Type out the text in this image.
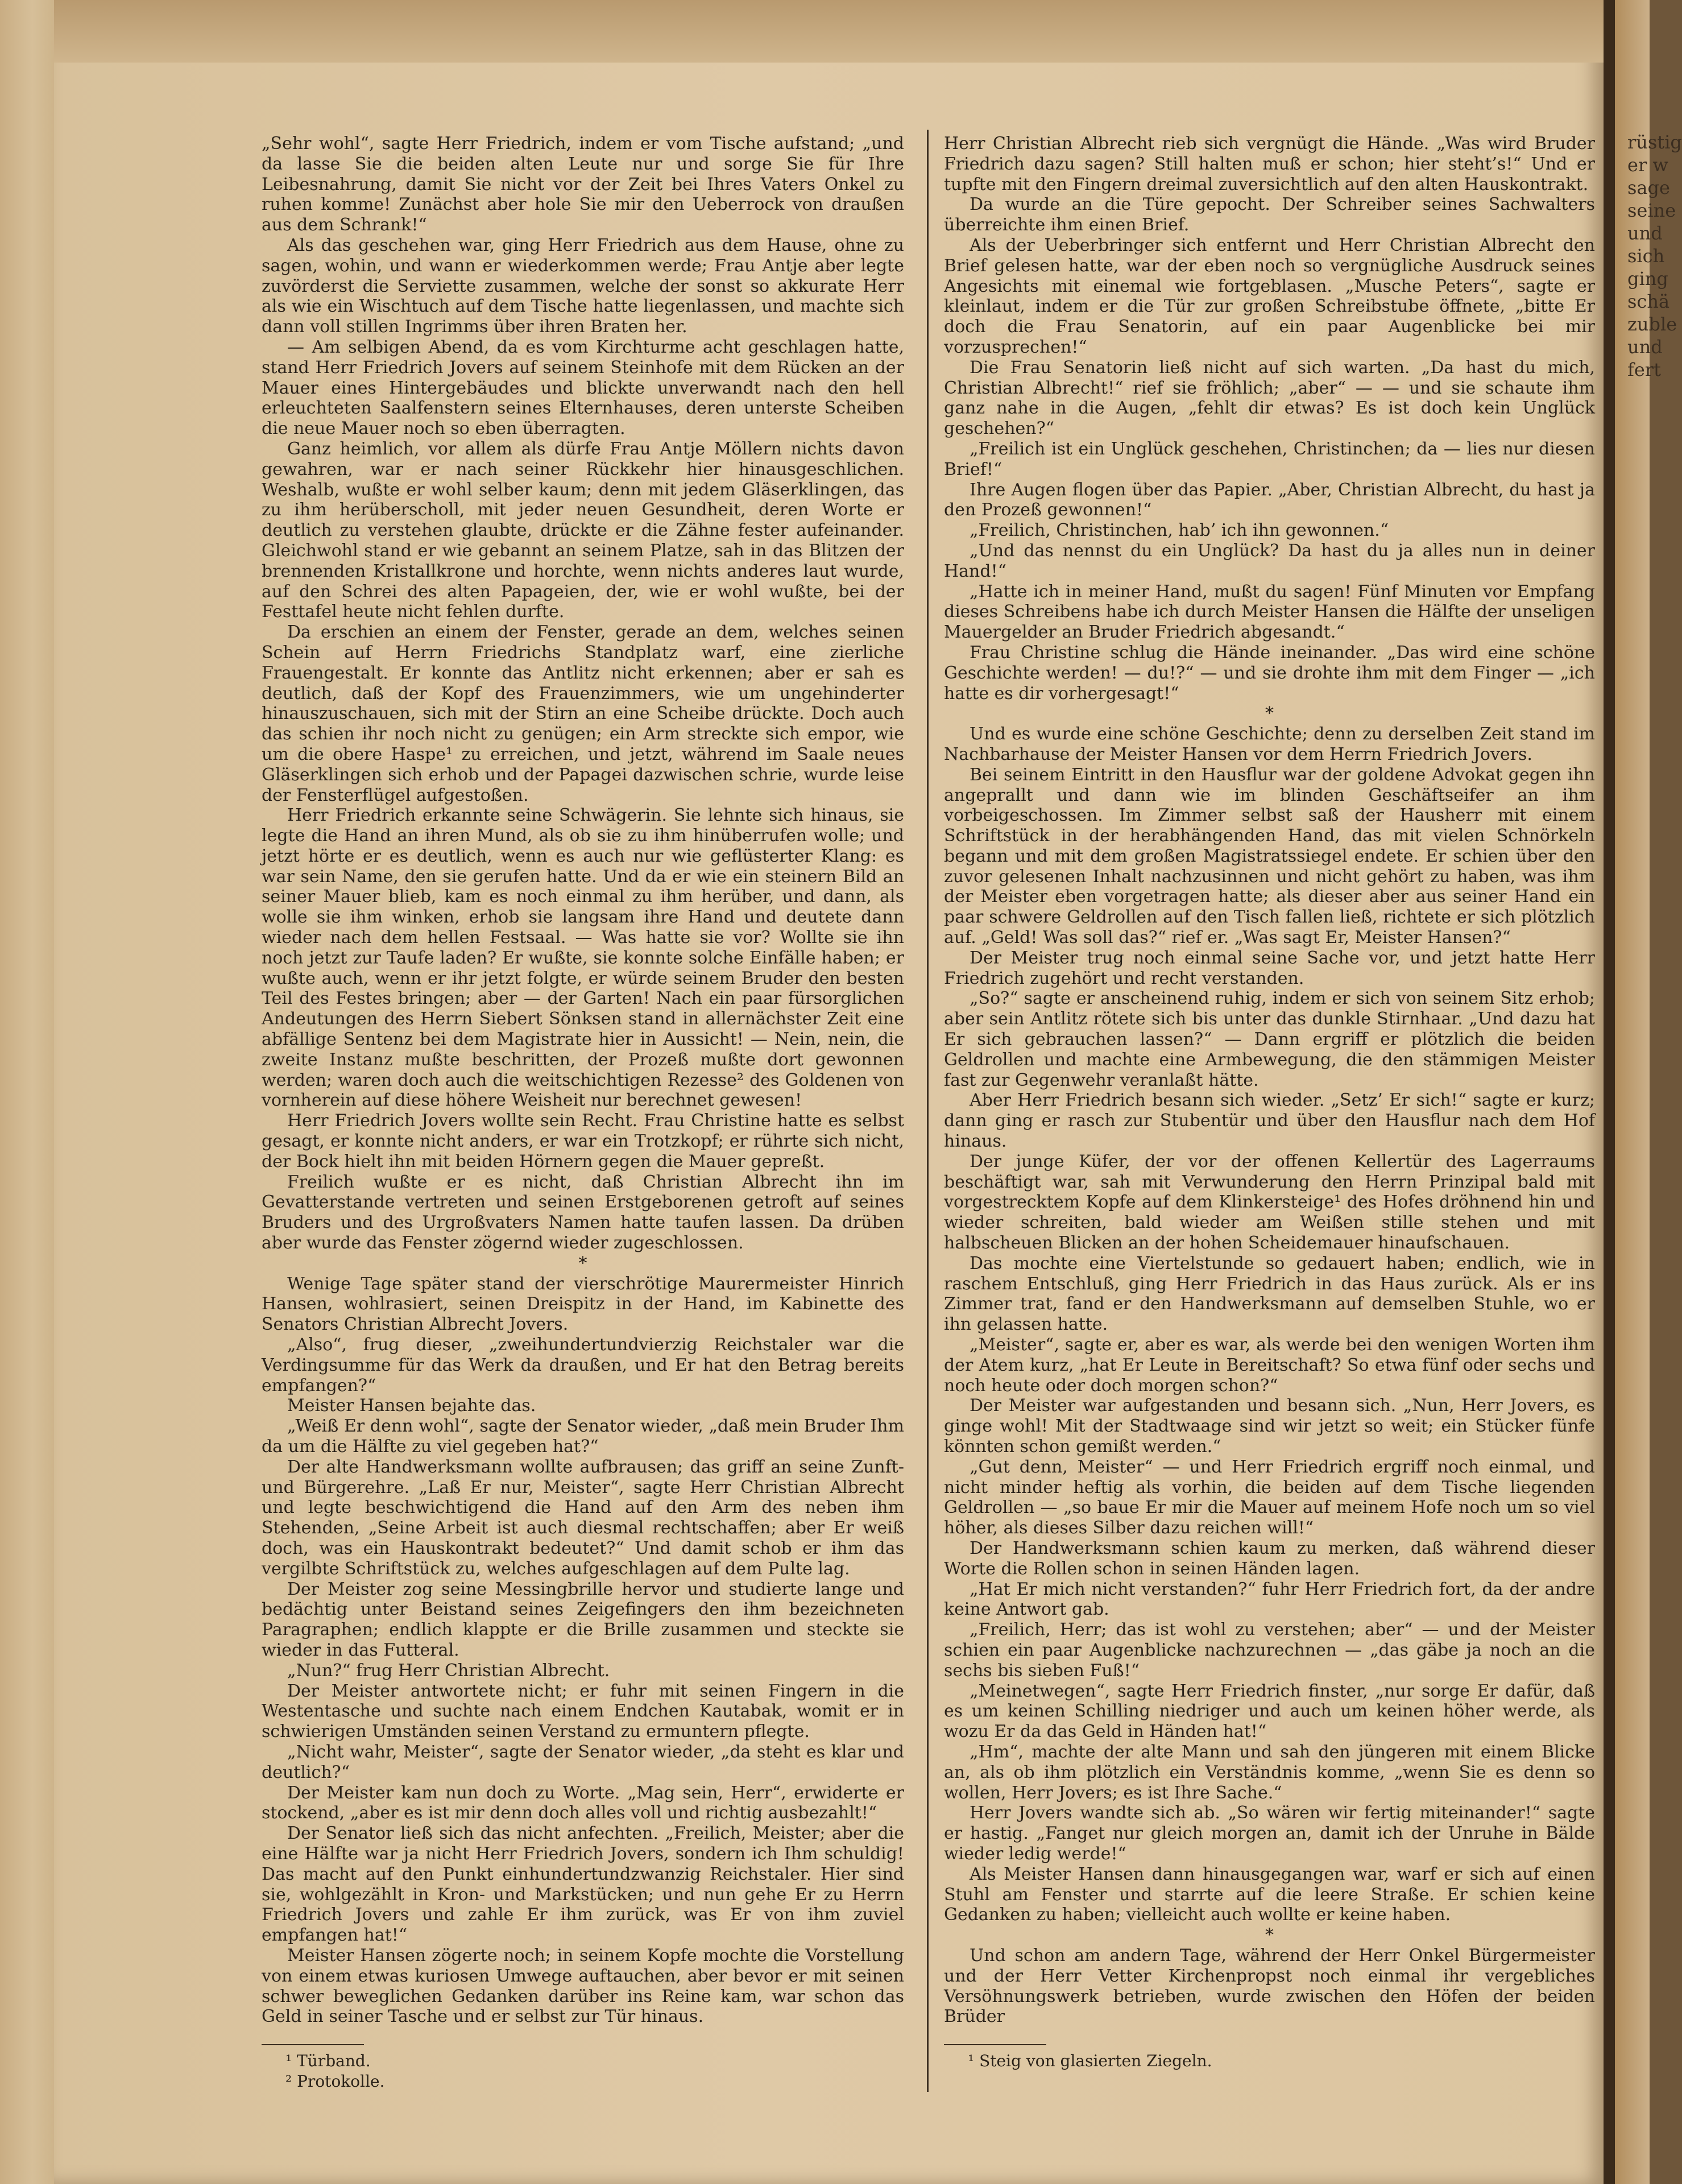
rüstig
er w
sage
seine
und
sich
ging
schä
zuble
und
fert

„Sehr wohl“, sagte Herr Friedrich, indem er vom Tische aufstand; „und da lasse Sie die beiden alten Leute nur und sorge Sie für Ihre Leibesnahrung, damit Sie nicht vor der Zeit bei Ihres Vaters Onkel zu ruhen komme! Zunächst aber hole Sie mir den Ueberrock von draußen aus dem Schrank!“

Als das geschehen war, ging Herr Friedrich aus dem Hause, ohne zu sagen, wohin, und wann er wiederkommen werde; Frau Antje aber legte zuvörderst die Serviette zusammen, welche der sonst so akkurate Herr als wie ein Wischtuch auf dem Tische hatte liegenlassen, und machte sich dann voll stillen Ingrimms über ihren Braten her.

— Am selbigen Abend, da es vom Kirchturme acht geschlagen hatte, stand Herr Friedrich Jovers auf seinem Steinhofe mit dem Rücken an der Mauer eines Hintergebäudes und blickte unverwandt nach den hell erleuchteten Saalfenstern seines Elternhauses, deren unterste Scheiben die neue Mauer noch so eben überragten.

Ganz heimlich, vor allem als dürfe Frau Antje Möllern nichts davon gewahren, war er nach seiner Rückkehr hier hinausgeschlichen. Weshalb, wußte er wohl selber kaum; denn mit jedem Gläserklingen, das zu ihm herüberscholl, mit jeder neuen Gesundheit, deren Worte er deutlich zu verstehen glaubte, drückte er die Zähne fester aufeinander. Gleichwohl stand er wie gebannt an seinem Platze, sah in das Blitzen der brennenden Kristallkrone und horchte, wenn nichts anderes laut wurde, auf den Schrei des alten Papageien, der, wie er wohl wußte, bei der Festtafel heute nicht fehlen durfte.

Da erschien an einem der Fenster, gerade an dem, welches seinen Schein auf Herrn Friedrichs Standplatz warf, eine zierliche Frauengestalt. Er konnte das Antlitz nicht erkennen; aber er sah es deutlich, daß der Kopf des Frauenzimmers, wie um ungehinderter hinauszuschauen, sich mit der Stirn an eine Scheibe drückte. Doch auch das schien ihr noch nicht zu genügen; ein Arm streckte sich empor, wie um die obere Haspe¹ zu erreichen, und jetzt, während im Saale neues Gläserklingen sich erhob und der Papagei dazwischen schrie, wurde leise der Fensterflügel aufgestoßen.

Herr Friedrich erkannte seine Schwägerin. Sie lehnte sich hinaus, sie legte die Hand an ihren Mund, als ob sie zu ihm hinüberrufen wolle; und jetzt hörte er es deutlich, wenn es auch nur wie geflüsterter Klang: es war sein Name, den sie gerufen hatte. Und da er wie ein steinern Bild an seiner Mauer blieb, kam es noch einmal zu ihm herüber, und dann, als wolle sie ihm winken, erhob sie langsam ihre Hand und deutete dann wieder nach dem hellen Festsaal. — Was hatte sie vor? Wollte sie ihn noch jetzt zur Taufe laden? Er wußte, sie konnte solche Einfälle haben; er wußte auch, wenn er ihr jetzt folgte, er würde seinem Bruder den besten Teil des Festes bringen; aber — der Garten! Nach ein paar fürsorglichen Andeutungen des Herrn Siebert Sönksen stand in allernächster Zeit eine abfällige Sentenz bei dem Magistrate hier in Aussicht! — Nein, nein, die zweite Instanz mußte beschritten, der Prozeß mußte dort gewonnen werden; waren doch auch die weitschichtigen Rezesse² des Goldenen von vornherein auf diese höhere Weisheit nur berechnet gewesen!

Herr Friedrich Jovers wollte sein Recht. Frau Christine hatte es selbst gesagt, er konnte nicht anders, er war ein Trotzkopf; er rührte sich nicht, der Bock hielt ihn mit beiden Hörnern gegen die Mauer gepreßt.

Freilich wußte er es nicht, daß Christian Albrecht ihn im Gevatterstande vertreten und seinen Erstgeborenen getroft auf seines Bruders und des Urgroßvaters Namen hatte taufen lassen. Da drüben aber wurde das Fenster zögernd wieder zugeschlossen.

*

Wenige Tage später stand der vierschrötige Maurermeister Hinrich Hansen, wohlrasiert, seinen Dreispitz in der Hand, im Kabinette des Senators Christian Albrecht Jovers.

„Also“, frug dieser, „zweihundertundvierzig Reichstaler war die Verdingsumme für das Werk da draußen, und Er hat den Betrag bereits empfangen?“

Meister Hansen bejahte das.

„Weiß Er denn wohl“, sagte der Senator wieder, „daß mein Bruder Ihm da um die Hälfte zu viel gegeben hat?“

Der alte Handwerksmann wollte aufbrausen; das griff an seine Zunft- und Bürgerehre. „Laß Er nur, Meister“, sagte Herr Christian Albrecht und legte beschwichtigend die Hand auf den Arm des neben ihm Stehenden, „Seine Arbeit ist auch diesmal rechtschaffen; aber Er weiß doch, was ein Hauskontrakt bedeutet?“ Und damit schob er ihm das vergilbte Schriftstück zu, welches aufgeschlagen auf dem Pulte lag.

Der Meister zog seine Messingbrille hervor und studierte lange und bedächtig unter Beistand seines Zeigefingers den ihm bezeichneten Paragraphen; endlich klappte er die Brille zusammen und steckte sie wieder in das Futteral.

„Nun?“ frug Herr Christian Albrecht.

Der Meister antwortete nicht; er fuhr mit seinen Fingern in die Westentasche und suchte nach einem Endchen Kautabak, womit er in schwierigen Umständen seinen Verstand zu ermuntern pflegte.

„Nicht wahr, Meister“, sagte der Senator wieder, „da steht es klar und deutlich?“

Der Meister kam nun doch zu Worte. „Mag sein, Herr“, erwiderte er stockend, „aber es ist mir denn doch alles voll und richtig ausbezahlt!“

Der Senator ließ sich das nicht anfechten. „Freilich, Meister; aber die eine Hälfte war ja nicht Herr Friedrich Jovers, sondern ich Ihm schuldig! Das macht auf den Punkt einhundertundzwanzig Reichstaler. Hier sind sie, wohlgezählt in Kron- und Markstücken; und nun gehe Er zu Herrn Friedrich Jovers und zahle Er ihm zurück, was Er von ihm zuviel empfangen hat!“

Meister Hansen zögerte noch; in seinem Kopfe mochte die Vorstellung von einem etwas kuriosen Umwege auftauchen, aber bevor er mit seinen schwer beweglichen Gedanken darüber ins Reine kam, war schon das Geld in seiner Tasche und er selbst zur Tür hinaus.

¹ Türband.

² Protokolle.

Herr Christian Albrecht rieb sich vergnügt die Hände. „Was wird Bruder Friedrich dazu sagen? Still halten muß er schon; hier steht’s!“ Und er tupfte mit den Fingern dreimal zuversichtlich auf den alten Hauskontrakt.

Da wurde an die Türe gepocht. Der Schreiber seines Sachwalters überreichte ihm einen Brief.

Als der Ueberbringer sich entfernt und Herr Christian Albrecht den Brief gelesen hatte, war der eben noch so vergnügliche Ausdruck seines Angesichts mit einemal wie fortgeblasen. „Musche Peters“, sagte er kleinlaut, indem er die Tür zur großen Schreibstube öffnete, „bitte Er doch die Frau Senatorin, auf ein paar Augenblicke bei mir vorzusprechen!“

Die Frau Senatorin ließ nicht auf sich warten. „Da hast du mich, Christian Albrecht!“ rief sie fröhlich; „aber“ — — und sie schaute ihm ganz nahe in die Augen, „fehlt dir etwas? Es ist doch kein Unglück geschehen?“

„Freilich ist ein Unglück geschehen, Christinchen; da — lies nur diesen Brief!“

Ihre Augen flogen über das Papier. „Aber, Christian Albrecht, du hast ja den Prozeß gewonnen!“

„Freilich, Christinchen, hab’ ich ihn gewonnen.“

„Und das nennst du ein Unglück? Da hast du ja alles nun in deiner Hand!“

„Hatte ich in meiner Hand, mußt du sagen! Fünf Minuten vor Empfang dieses Schreibens habe ich durch Meister Hansen die Hälfte der unseligen Mauergelder an Bruder Friedrich abgesandt.“

Frau Christine schlug die Hände ineinander. „Das wird eine schöne Geschichte werden! — du!?“ — und sie drohte ihm mit dem Finger — „ich hatte es dir vorhergesagt!“

*

Und es wurde eine schöne Geschichte; denn zu derselben Zeit stand im Nachbarhause der Meister Hansen vor dem Herrn Friedrich Jovers.

Bei seinem Eintritt in den Hausflur war der goldene Advokat gegen ihn angeprallt und dann wie im blinden Geschäftseifer an ihm vorbeigeschossen. Im Zimmer selbst saß der Hausherr mit einem Schriftstück in der herabhängenden Hand, das mit vielen Schnörkeln begann und mit dem großen Magistratssiegel endete. Er schien über den zuvor gelesenen Inhalt nachzusinnen und nicht gehört zu haben, was ihm der Meister eben vorgetragen hatte; als dieser aber aus seiner Hand ein paar schwere Geldrollen auf den Tisch fallen ließ, richtete er sich plötzlich auf. „Geld! Was soll das?“ rief er. „Was sagt Er, Meister Hansen?“

Der Meister trug noch einmal seine Sache vor, und jetzt hatte Herr Friedrich zugehört und recht verstanden.

„So?“ sagte er anscheinend ruhig, indem er sich von seinem Sitz erhob; aber sein Antlitz rötete sich bis unter das dunkle Stirnhaar. „Und dazu hat Er sich gebrauchen lassen?“ — Dann ergriff er plötzlich die beiden Geldrollen und machte eine Armbewegung, die den stämmigen Meister fast zur Gegenwehr veranlaßt hätte.

Aber Herr Friedrich besann sich wieder. „Setz’ Er sich!“ sagte er kurz; dann ging er rasch zur Stubentür und über den Hausflur nach dem Hof hinaus.

Der junge Küfer, der vor der offenen Kellertür des Lagerraums beschäftigt war, sah mit Verwunderung den Herrn Prinzipal bald mit vorgestrecktem Kopfe auf dem Klinkersteige¹ des Hofes dröhnend hin und wieder schreiten, bald wieder am Weißen stille stehen und mit halbscheuen Blicken an der hohen Scheidemauer hinaufschauen.

Das mochte eine Viertelstunde so gedauert haben; endlich, wie in raschem Entschluß, ging Herr Friedrich in das Haus zurück. Als er ins Zimmer trat, fand er den Handwerksmann auf demselben Stuhle, wo er ihn gelassen hatte.

„Meister“, sagte er, aber es war, als werde bei den wenigen Worten ihm der Atem kurz, „hat Er Leute in Bereitschaft? So etwa fünf oder sechs und noch heute oder doch morgen schon?“

Der Meister war aufgestanden und besann sich. „Nun, Herr Jovers, es ginge wohl! Mit der Stadtwaage sind wir jetzt so weit; ein Stücker fünfe könnten schon gemißt werden.“

„Gut denn, Meister“ — und Herr Friedrich ergriff noch einmal, und nicht minder heftig als vorhin, die beiden auf dem Tische liegenden Geldrollen — „so baue Er mir die Mauer auf meinem Hofe noch um so viel höher, als dieses Silber dazu reichen will!“

Der Handwerksmann schien kaum zu merken, daß während dieser Worte die Rollen schon in seinen Händen lagen.

„Hat Er mich nicht verstanden?“ fuhr Herr Friedrich fort, da der andre keine Antwort gab.

„Freilich, Herr; das ist wohl zu verstehen; aber“ — und der Meister schien ein paar Augenblicke nachzurechnen — „das gäbe ja noch an die sechs bis sieben Fuß!“

„Meinetwegen“, sagte Herr Friedrich finster, „nur sorge Er dafür, daß es um keinen Schilling niedriger und auch um keinen höher werde, als wozu Er da das Geld in Händen hat!“

„Hm“, machte der alte Mann und sah den jüngeren mit einem Blicke an, als ob ihm plötzlich ein Verständnis komme, „wenn Sie es denn so wollen, Herr Jovers; es ist Ihre Sache.“

Herr Jovers wandte sich ab. „So wären wir fertig miteinander!“ sagte er hastig. „Fanget nur gleich morgen an, damit ich der Unruhe in Bälde wieder ledig werde!“

Als Meister Hansen dann hinausgegangen war, warf er sich auf einen Stuhl am Fenster und starrte auf die leere Straße. Er schien keine Gedanken zu haben; vielleicht auch wollte er keine haben.

*

Und schon am andern Tage, während der Herr Onkel Bürgermeister und der Herr Vetter Kirchenpropst noch einmal ihr vergebliches Versöhnungswerk betrieben, wurde zwischen den Höfen der beiden Brüder

¹ Steig von glasierten Ziegeln.
